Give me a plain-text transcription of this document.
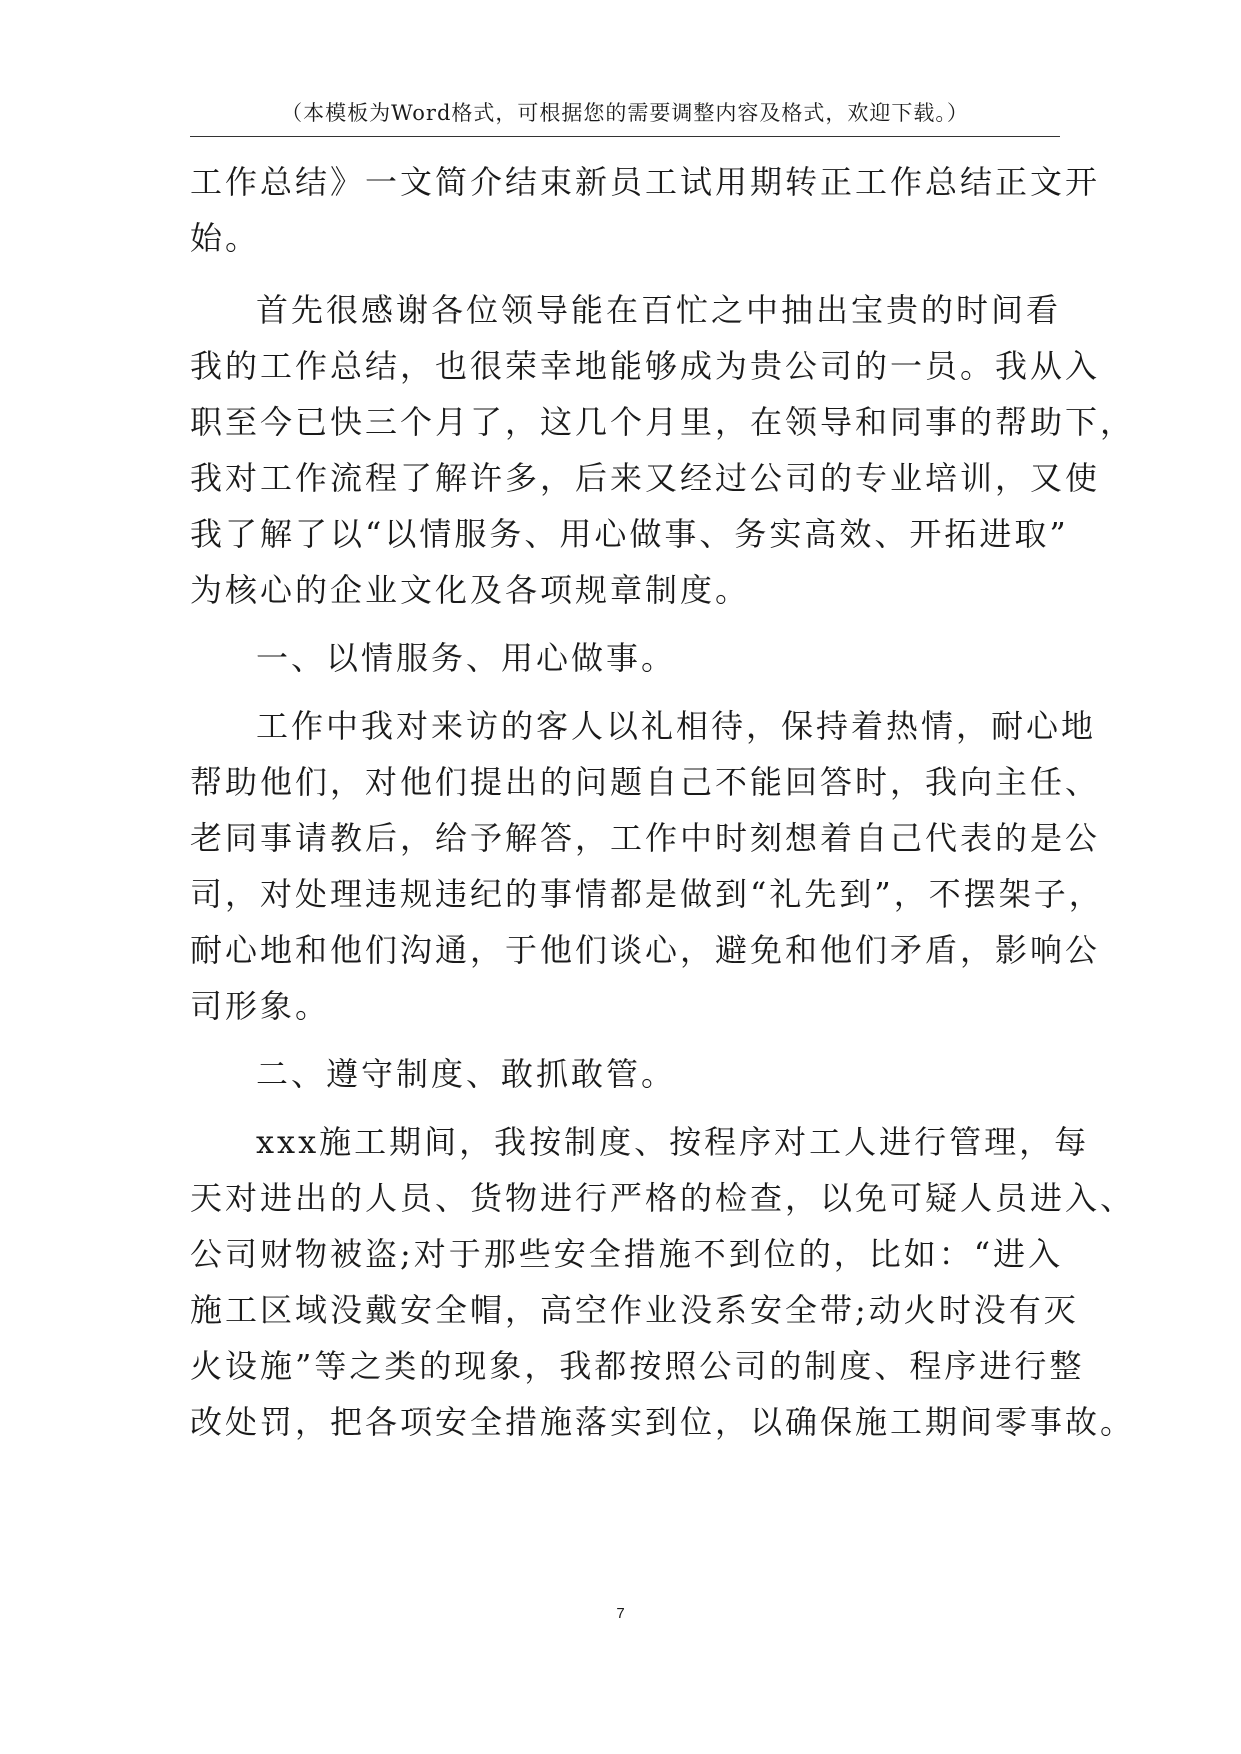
（本模板为Word格式，可根据您的需要调整内容及格式，欢迎下载。）
工作总结》一文简介结束新员工试用期转正工作总结正文开
始。
首先很感谢各位领导能在百忙之中抽出宝贵的时间看
我的工作总结，也很荣幸地能够成为贵公司的一员。我从入
职至今已快三个月了，这几个月里，在领导和同事的帮助下，
我对工作流程了解许多，后来又经过公司的专业培训，又使
我了解了以“以情服务、用心做事、务实高效、开拓进取”
为核心的企业文化及各项规章制度。
一、以情服务、用心做事。
工作中我对来访的客人以礼相待，保持着热情，耐心地
帮助他们，对他们提出的问题自己不能回答时，我向主任、
老同事请教后，给予解答，工作中时刻想着自己代表的是公
司，对处理违规违纪的事情都是做到“礼先到”，不摆架子，
耐心地和他们沟通，于他们谈心，避免和他们矛盾，影响公
司形象。
二、遵守制度、敢抓敢管。
xxx施工期间，我按制度、按程序对工人进行管理，每
天对进出的人员、货物进行严格的检查，以免可疑人员进入、
公司财物被盗;对于那些安全措施不到位的，比如：“进入
施工区域没戴安全帽，高空作业没系安全带;动火时没有灭
火设施”等之类的现象，我都按照公司的制度、程序进行整
改处罚，把各项安全措施落实到位，以确保施工期间零事故。
7
